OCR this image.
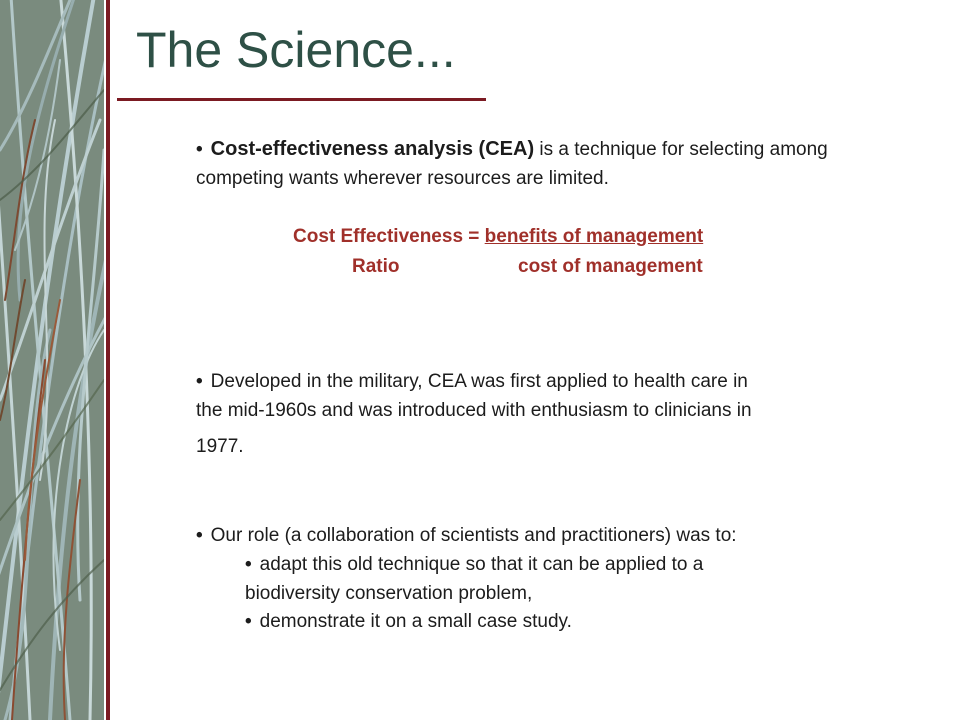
The Science...
• Cost-effectiveness analysis (CEA) is a technique for selecting among competing wants wherever resources are limited.
Cost Effectiveness = benefits of management
Ratio	cost of management
• Developed in the military, CEA was first applied to health care in
the mid-1960s and was introduced with enthusiasm to clinicians in
1977.
• Our role (a collaboration of scientists and practitioners) was to:
• adapt this old technique so that it can be applied to a
biodiversity conservation problem,
• demonstrate it on a small case study.
